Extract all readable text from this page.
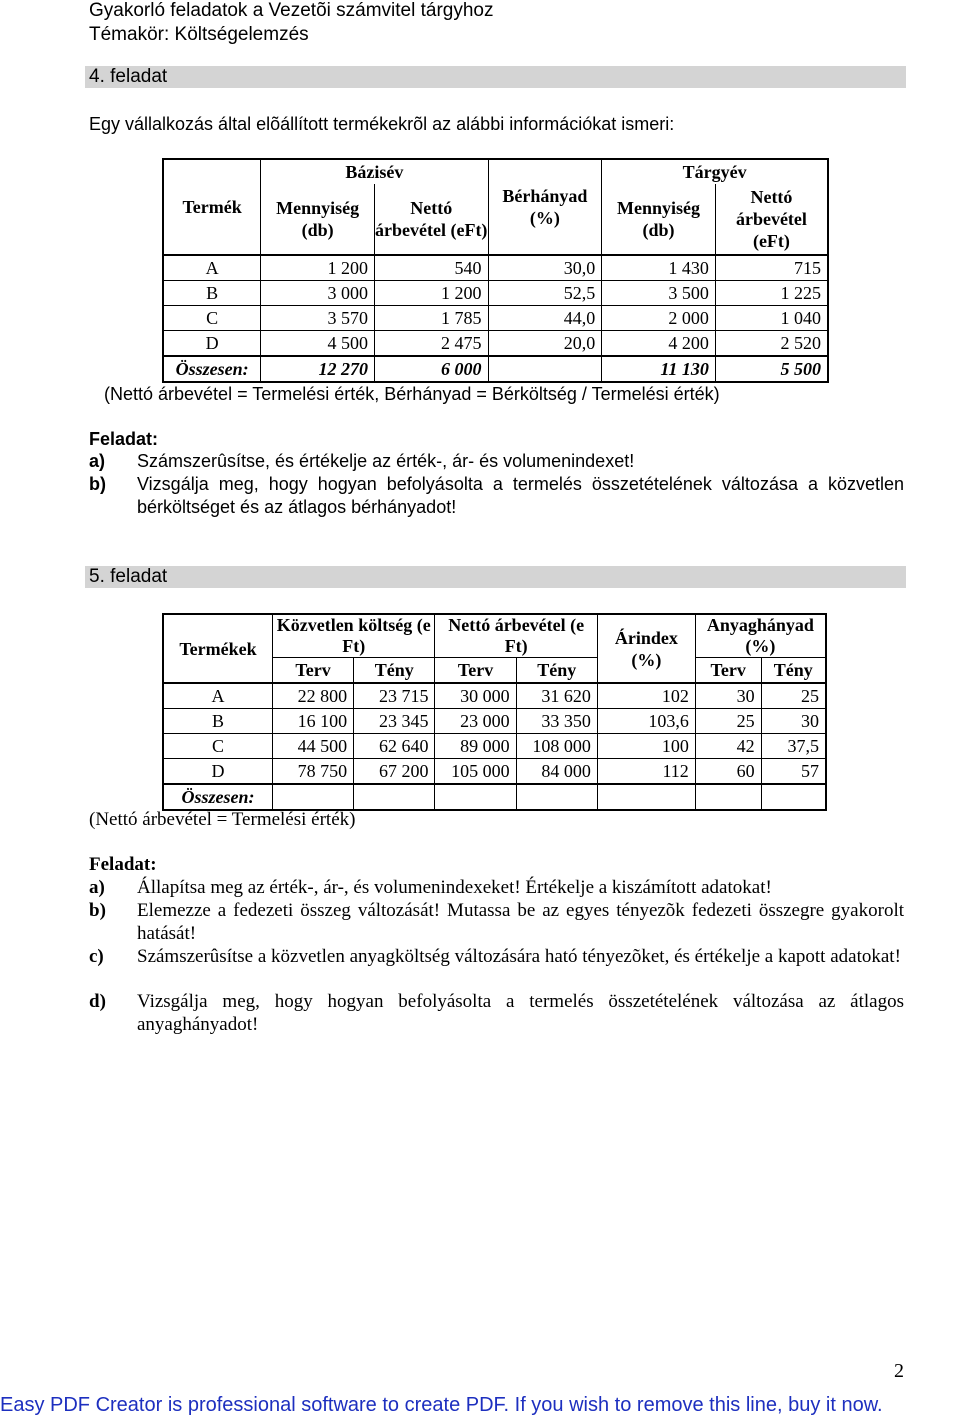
Gyakorló feladatok a Vezetõi számvitel tárgyhoz
Témakör: Költségelemzés
4. feladat
Egy vállalkozás által elõállított termékekrõl az alábbi információkat ismeri:
Termék	Bázisév		Bérhányad (%)	Tárgyév	
	Mennyiség (db)	Nettó árbevétel (eFt)		Mennyiség (db)	Nettó árbevétel (eFt)
A	1 200	540	30,0	1 430	715
B	3 000	1 200	52,5	3 500	1 225
C	3 570	1 785	44,0	2 000	1 040
D	4 500	2 475	20,0	4 200	2 520
Összesen:	12 270	6 000		11 130	5 500
(Nettó árbevétel = Termelési érték, Bérhányad = Bérköltség / Termelési érték)
Feladat:
a) Számszerûsítse, és értékelje az érték-, ár- és volumenindexet!
b) Vizsgálja meg, hogy hogyan befolyásolta a termelés összetételének változása a közvetlen bérköltséget és az átlagos bérhányadot!
5. feladat
Termékek	Közvetlen költség (e Ft)		Nettó árbevétel (e Ft)		Árindex (%)	Anyaghányad (%)		

	Terv	Tény	Terv	Tény		Terv	Tény	
A	22 800	23 715	30 000	31 620	102	30	25	
B	16 100	23 345	23 000	33 350	103,6	25	30	
C	44 500	62 640	89 000	108 000	100	42	37,5	
D	78 750	67 200	105 000	84 000	112	60	57	
Összesen:								
(Nettó árbevétel = Termelési érték)
Feladat:
a) Állapítsa meg az érték-, ár-, és volumenindexeket! Értékelje a kiszámított adatokat!
b) Elemezze a fedezeti összeg változását! Mutassa be az egyes tényezõk fedezeti összegre gyakorolt hatását!
c) Számszerûsítse a közvetlen anyagköltség változására ható tényezõket, és értékelje a kapott adatokat!
d) Vizsgálja meg, hogy hogyan befolyásolta a termelés összetételének változása az átlagos anyaghányadot!
2
Easy PDF Creator is professional software to create PDF. If you wish to remove this line, buy it now.
